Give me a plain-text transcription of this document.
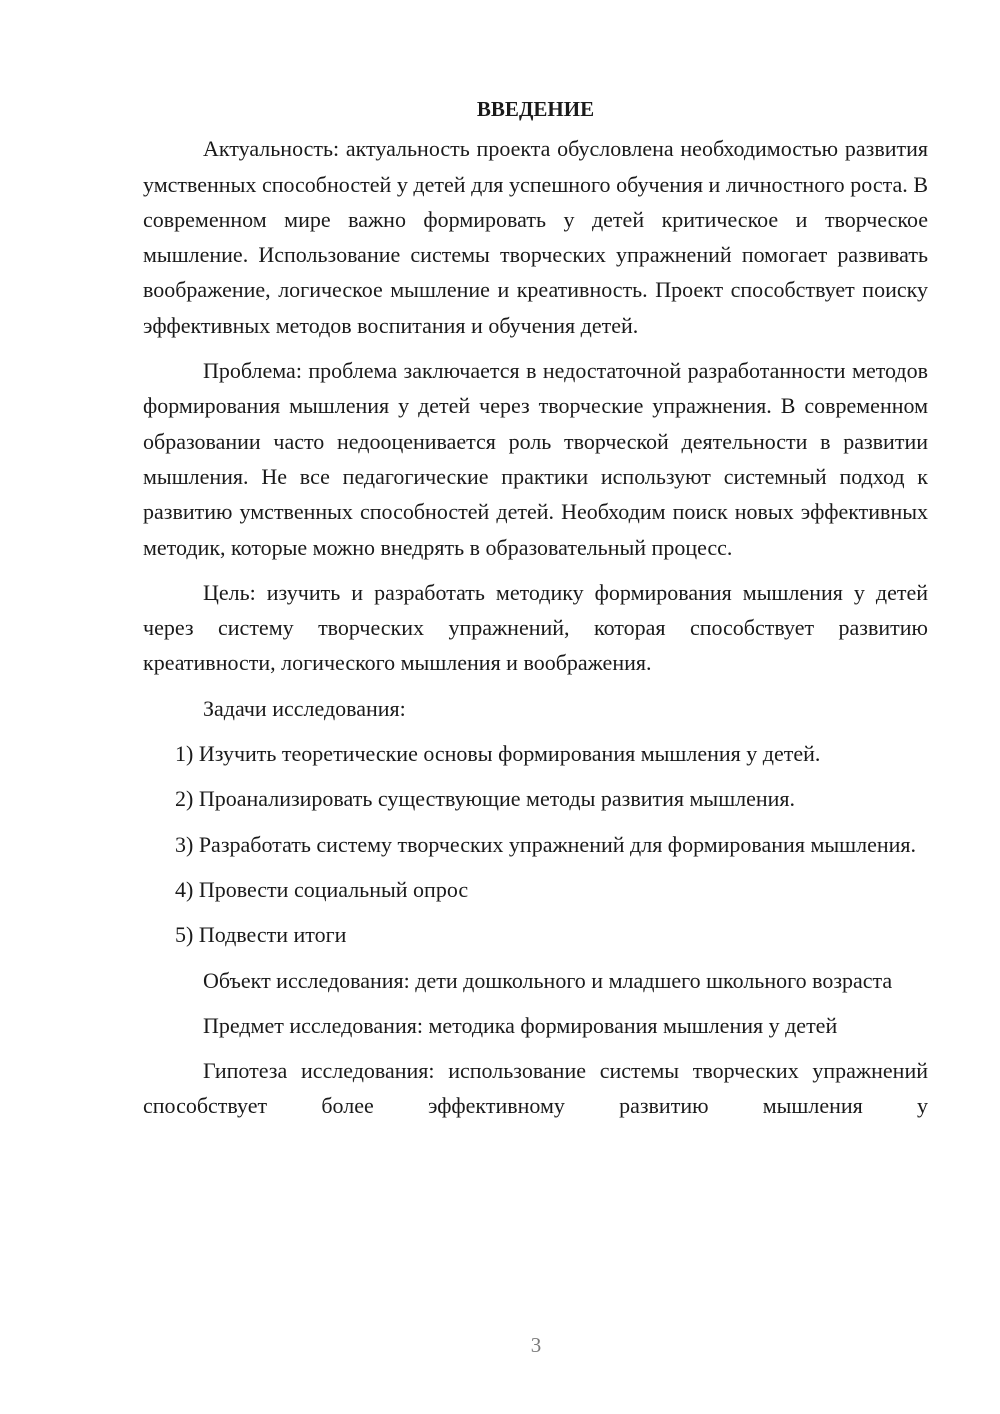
ВВЕДЕНИЕ

Актуальность: актуальность проекта обусловлена необходимостью развития умственных способностей у детей для успешного обучения и личностного роста. В современном мире важно формировать у детей критическое и творческое мышление. Использование системы творческих упражнений помогает развивать воображение, логическое мышление и креативность. Проект способствует поиску эффективных методов воспитания и обучения детей.

Проблема: проблема заключается в недостаточной разработанности методов формирования мышления у детей через творческие упражнения. В современном образовании часто недооценивается роль творческой деятельности в развитии мышления. Не все педагогические практики используют системный подход к развитию умственных способностей детей. Необходим поиск новых эффективных методик, которые можно внедрять в образовательный процесс.

Цель: изучить и разработать методику формирования мышления у детей через систему творческих упражнений, которая способствует развитию креативности, логического мышления и воображения.

Задачи исследования:

1) Изучить теоретические основы формирования мышления у детей.

2) Проанализировать существующие методы развития мышления.

3) Разработать систему творческих упражнений для формирования мышления.

4) Провести социальный опрос

5) Подвести итоги

Объект исследования: дети дошкольного и младшего школьного возраста

Предмет исследования: методика формирования мышления у детей

Гипотеза исследования: использование системы творческих упражнений способствует более эффективному развитию мышления у

3
